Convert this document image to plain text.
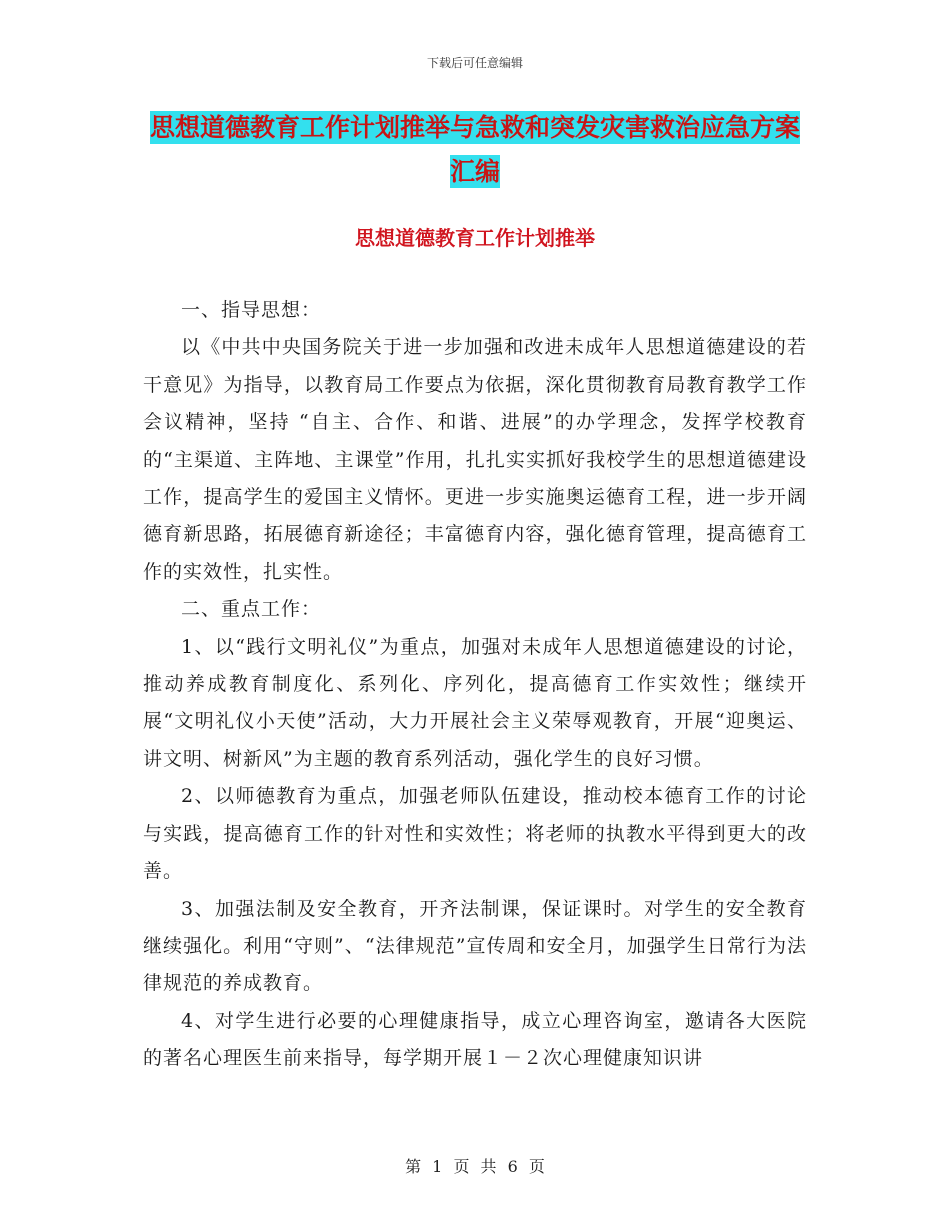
下载后可任意编辑
思想道德教育工作计划推举与急救和突发灾害救治应急方案汇编
思想道德教育工作计划推举

一、指导思想：

以《中共中央国务院关于进一步加强和改进未成年人思想道德建设的若干意见》为指导，以教育局工作要点为依据，深化贯彻教育局教育教学工作会议精神，坚持 “自主、合作、和谐、进展”的办学理念，发挥学校教育的“主渠道、主阵地、主课堂”作用，扎扎实实抓好我校学生的思想道德建设工作，提高学生的爱国主义情怀。更进一步实施奥运德育工程，进一步开阔德育新思路，拓展德育新途径；丰富德育内容，强化德育管理，提高德育工作的实效性，扎实性。

二、重点工作：

1、以“践行文明礼仪”为重点，加强对未成年人思想道德建设的讨论，推动养成教育制度化、系列化、序列化，提高德育工作实效性；继续开展“文明礼仪小天使”活动，大力开展社会主义荣辱观教育，开展“迎奥运、讲文明、树新风”为主题的教育系列活动，强化学生的良好习惯。

2、以师德教育为重点，加强老师队伍建设，推动校本德育工作的讨论与实践，提高德育工作的针对性和实效性；将老师的执教水平得到更大的改善。

3、加强法制及安全教育，开齐法制课，保证课时。对学生的安全教育继续强化。利用“守则”、“法律规范”宣传周和安全月，加强学生日常行为法律规范的养成教育。

4、对学生进行必要的心理健康指导，成立心理咨询室，邀请各大医院的著名心理医生前来指导，每学期开展１－２次心理健康知识讲

第 1 页 共 6 页
